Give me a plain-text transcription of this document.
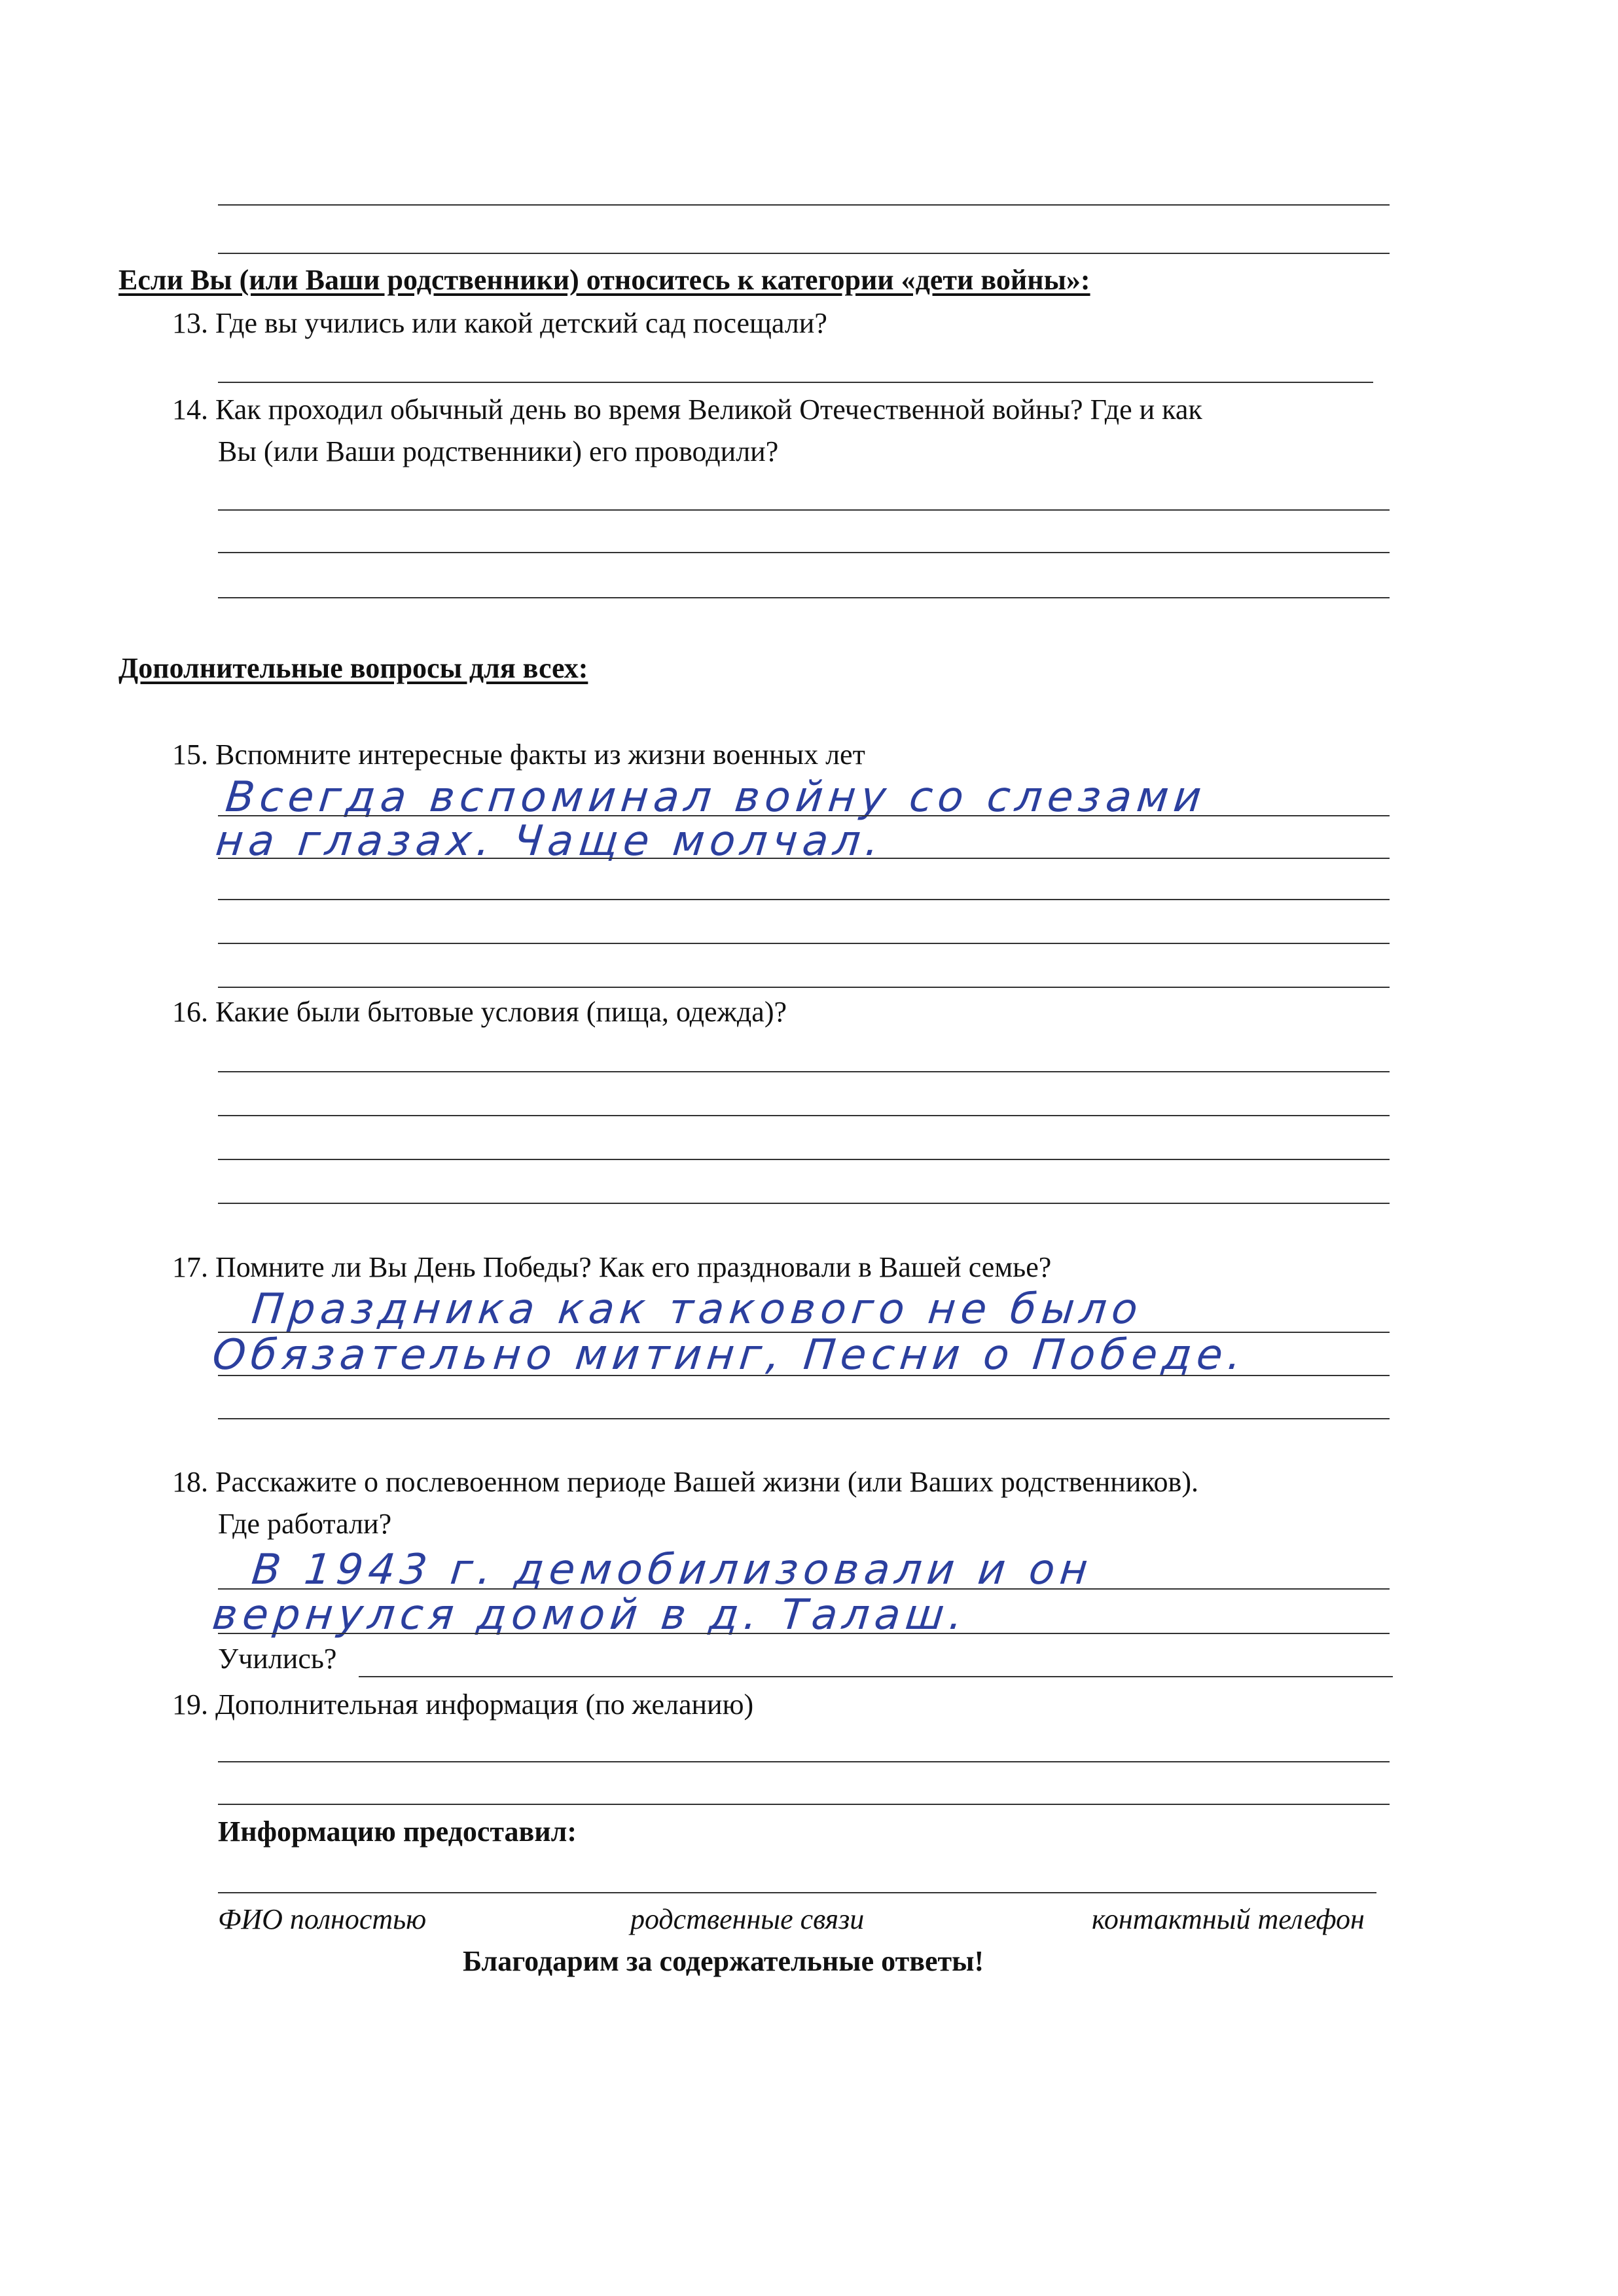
Если Вы (или Ваши родственники) относитесь к категории «дети войны»:
13. Где вы учились или какой детский сад посещали?
14. Как проходил обычный день во время Великой Отечественной войны? Где и как
Вы (или Ваши родственники) его проводили?
Дополнительные вопросы для всех:
15. Вспомните интересные факты из жизни военных лет
Всегда вспоминал войну со слезами
на глазах. Чаще молчал.
16. Какие были бытовые условия (пища, одежда)?
17. Помните ли Вы День Победы? Как его праздновали в Вашей семье?
Праздника как такового не было
Обязательно митинг, Песни о Победе.
18. Расскажите о послевоенном периоде Вашей жизни (или Ваших родственников).
Где работали?
В 1943 г. демобилизовали и он
вернулся домой в д. Талаш.
Учились?
19. Дополнительная информация (по желанию)
Информацию предоставил:
ФИО полностью	родственные связи	контактный телефон
Благодарим за содержательные ответы!
